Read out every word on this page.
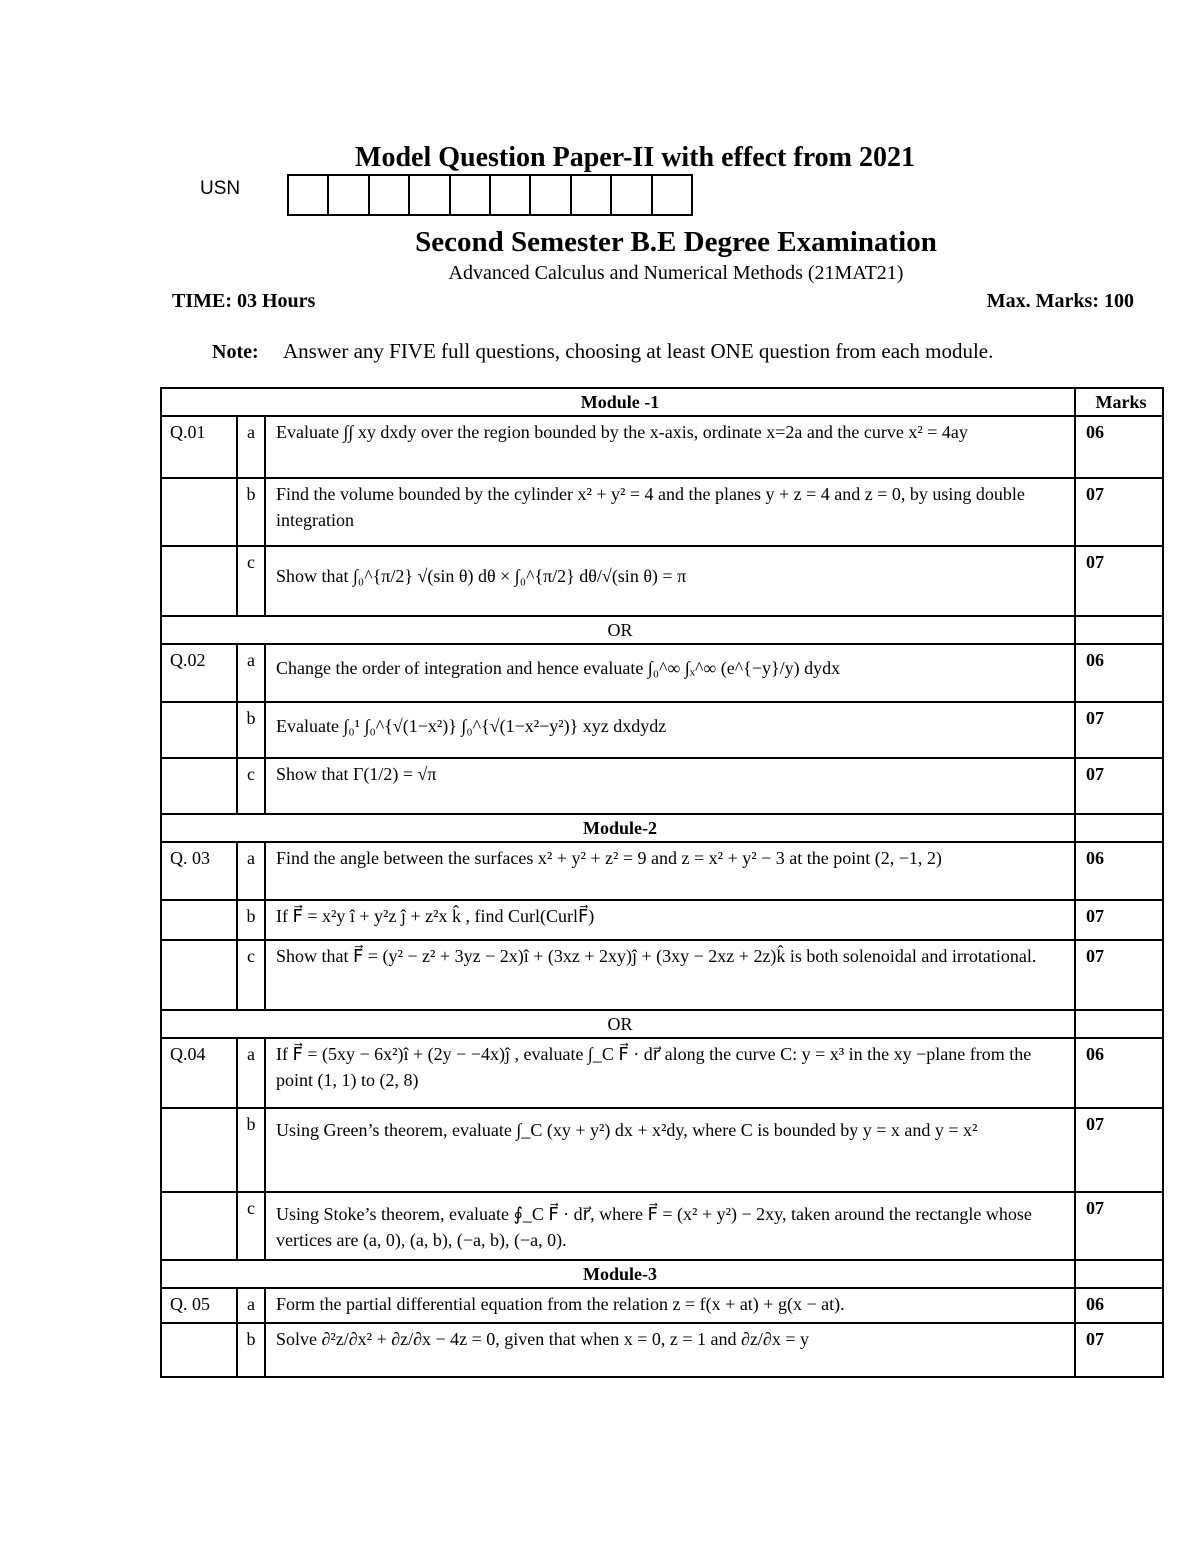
Model Question Paper-II with effect from 2021
USN
Second Semester B.E Degree Examination
Advanced Calculus and Numerical Methods (21MAT21)
TIME: 03 Hours	Max. Marks: 100
Note: Answer any FIVE full questions, choosing at least ONE question from each module.
Module -1			Marks
Q.01	a	Evaluate ∫∫ xy dxdy over the region bounded by the x-axis, ordinate x=2a and the curve x² = 4ay	06
	b	Find the volume bounded by the cylinder x² + y² = 4 and the planes y + z = 4 and z = 0, by using double integration	07
	c	Show that ∫₀^{π/2} √(sin θ) dθ × ∫₀^{π/2} dθ/√(sin θ) = π	07
OR			
Q.02	a	Change the order of integration and hence evaluate ∫₀^∞ ∫ₓ^∞ (e^{−y}/y) dydx	06
	b	Evaluate ∫₀¹ ∫₀^{√(1−x²)} ∫₀^{√(1−x²−y²)} xyz dxdydz	07
	c	Show that Γ(1/2) = √π	07
Module-2			
Q. 03	a	Find the angle between the surfaces x² + y² + z² = 9 and z = x² + y² − 3 at the point (2, −1, 2)	06
	b	If F⃗ = x²y î + y²z ĵ + z²x k̂ , find Curl(CurlF⃗)	07
	c	Show that F⃗ = (y² − z² + 3yz − 2x)î + (3xz + 2xy)ĵ + (3xy − 2xz + 2z)k̂ is both solenoidal and irrotational.	07
OR			
Q.04	a	If F⃗ = (5xy − 6x²)î + (2y − −4x)ĵ , evaluate ∫_C F⃗ · dr⃗ along the curve C: y = x³ in the xy −plane from the point (1, 1) to (2, 8)	06
	b	Using Green’s theorem, evaluate ∫_C (xy + y²) dx + x²dy, where C is bounded by y = x and y = x²	07
	c	Using Stoke’s theorem, evaluate ∮_C F⃗ · dr⃗, where F⃗ = (x² + y²) − 2xy, taken around the rectangle whose vertices are (a, 0), (a, b), (−a, b), (−a, 0).	07
Module-3			
Q. 05	a	Form the partial differential equation from the relation z = f(x + at) + g(x − at).	06
	b	Solve ∂²z/∂x² + ∂z/∂x − 4z = 0, given that when x = 0, z = 1 and ∂z/∂x = y	07
